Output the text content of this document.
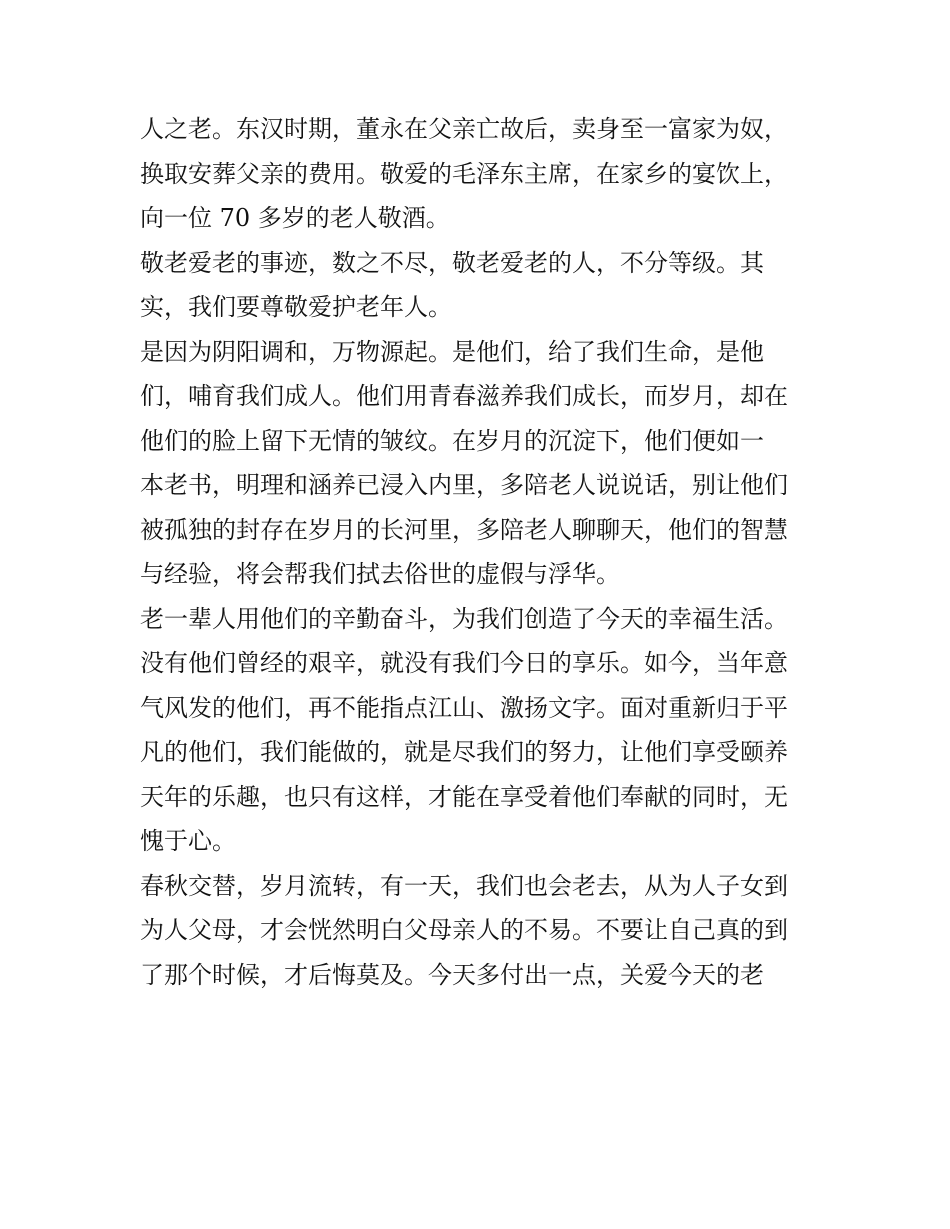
人之老。东汉时期，董永在父亲亡故后，卖身至一富家为奴，
换取安葬父亲的费用。敬爱的毛泽东主席，在家乡的宴饮上，
向一位 70 多岁的老人敬酒。
敬老爱老的事迹，数之不尽，敬老爱老的人，不分等级。其
实，我们要尊敬爱护老年人。
是因为阴阳调和，万物源起。是他们，给了我们生命，是他
们，哺育我们成人。他们用青春滋养我们成长，而岁月，却在
他们的脸上留下无情的皱纹。在岁月的沉淀下，他们便如一
本老书，明理和涵养已浸入内里，多陪老人说说话，别让他们
被孤独的封存在岁月的长河里，多陪老人聊聊天，他们的智慧
与经验，将会帮我们拭去俗世的虚假与浮华。
老一辈人用他们的辛勤奋斗，为我们创造了今天的幸福生活。
没有他们曾经的艰辛，就没有我们今日的享乐。如今，当年意
气风发的他们，再不能指点江山、激扬文字。面对重新归于平
凡的他们，我们能做的，就是尽我们的努力，让他们享受颐养
天年的乐趣，也只有这样，才能在享受着他们奉献的同时，无
愧于心。
春秋交替，岁月流转，有一天，我们也会老去，从为人子女到
为人父母，才会恍然明白父母亲人的不易。不要让自己真的到
了那个时候，才后悔莫及。今天多付出一点，关爱今天的老
